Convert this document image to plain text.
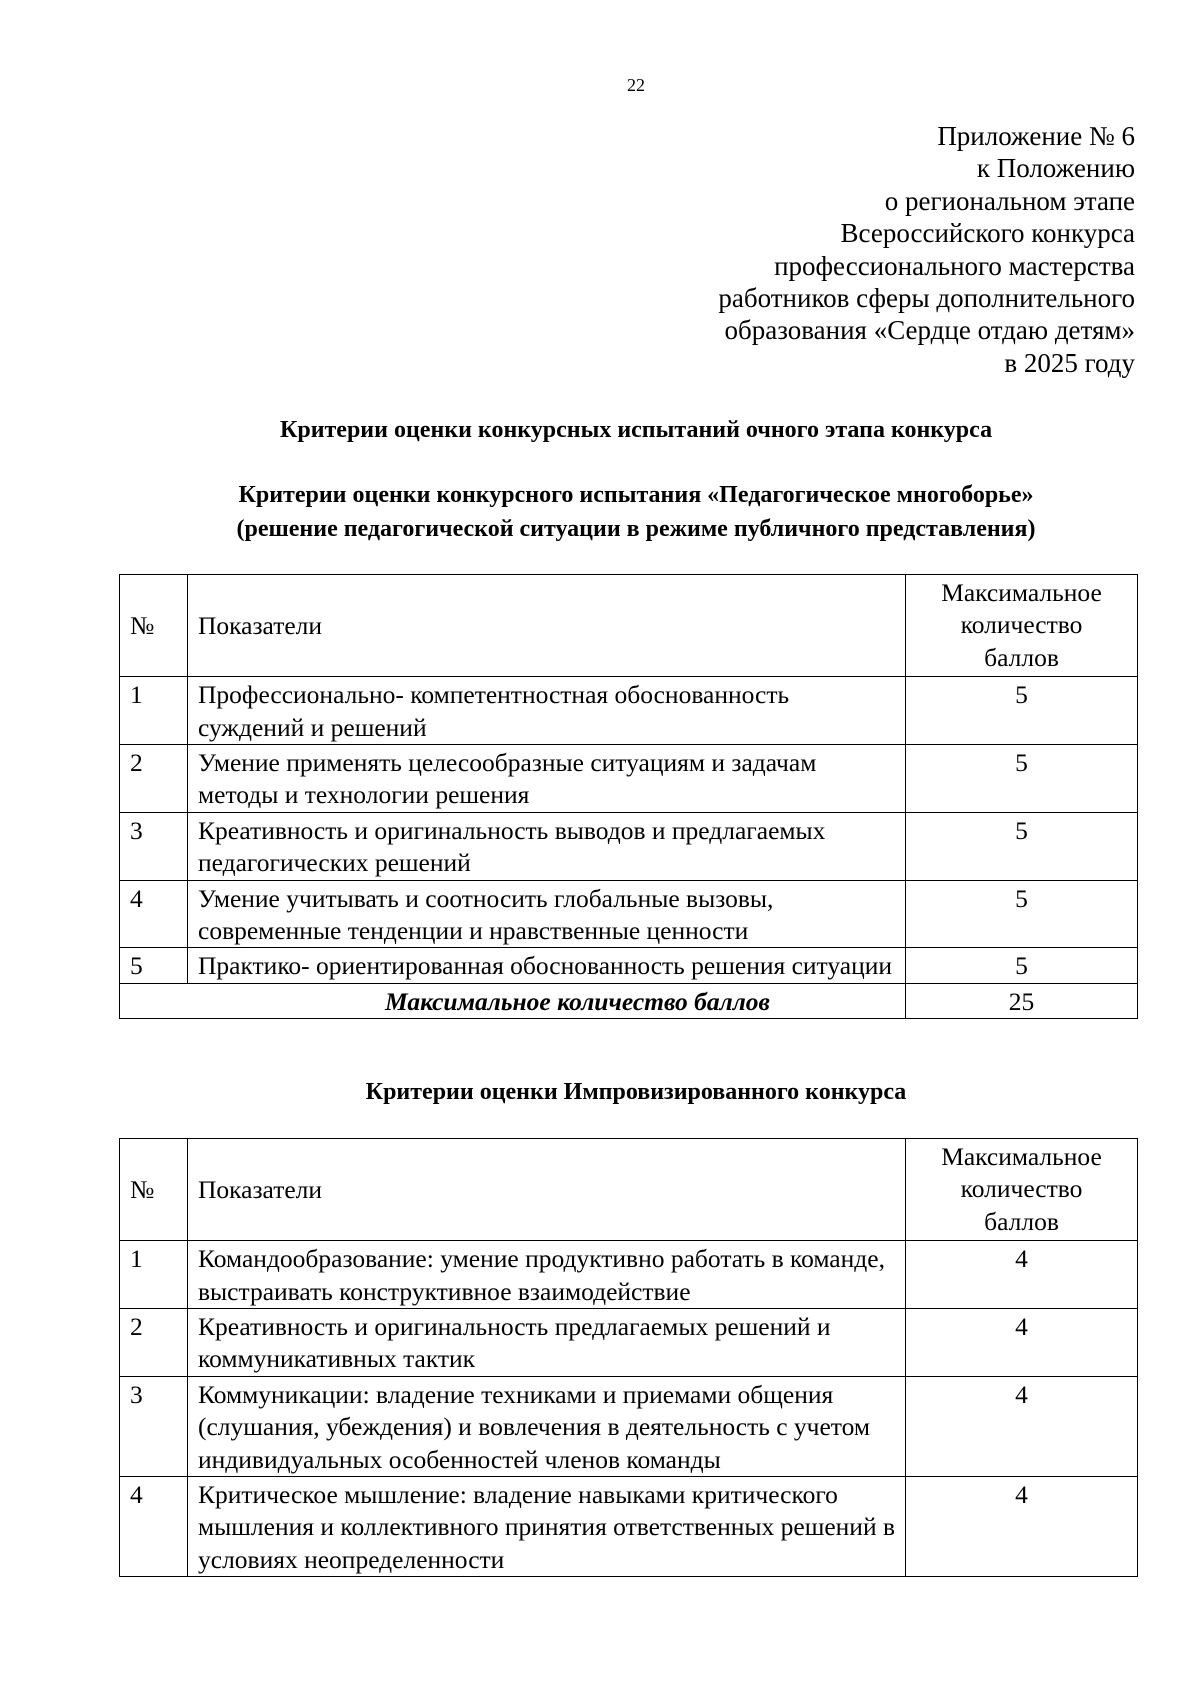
22
Приложение № 6
к Положению
о региональном этапе
Всероссийского конкурса
профессионального мастерства
работников сферы дополнительного
образования «Сердце отдаю детям»
в 2025 году
Критерии оценки конкурсных испытаний очного этапа конкурса
Критерии оценки конкурсного испытания «Педагогическое многоборье»
(решение педагогической ситуации в режиме публичного представления)
№	Показатели	Максимальное
количество
баллов

1	Профессионально- компетентностная обоснованность суждений и решений	5
2	Умение применять целесообразные ситуациям и задачам методы и технологии решения	5
3	Креативность и оригинальность выводов и предлагаемых педагогических решений	5
4	Умение учитывать и соотносить глобальные вызовы, современные тенденции и нравственные ценности	5
5	Практико- ориентированная обоснованность решения ситуации	5
Максимальное количество баллов		25
Критерии оценки Импровизированного конкурса
№	Показатели	Максимальное
количество
баллов

1	Командообразование: умение продуктивно работать в команде, выстраивать конструктивное взаимодействие	4
2	Креативность и оригинальность предлагаемых решений и коммуникативных тактик	4
3	Коммуникации: владение техниками и приемами общения (слушания, убеждения) и вовлечения в деятельность с учетом индивидуальных особенностей членов команды	4
4	Критическое мышление: владение навыками критического мышления и коллективного принятия ответственных решений в условиях неопределенности	4
